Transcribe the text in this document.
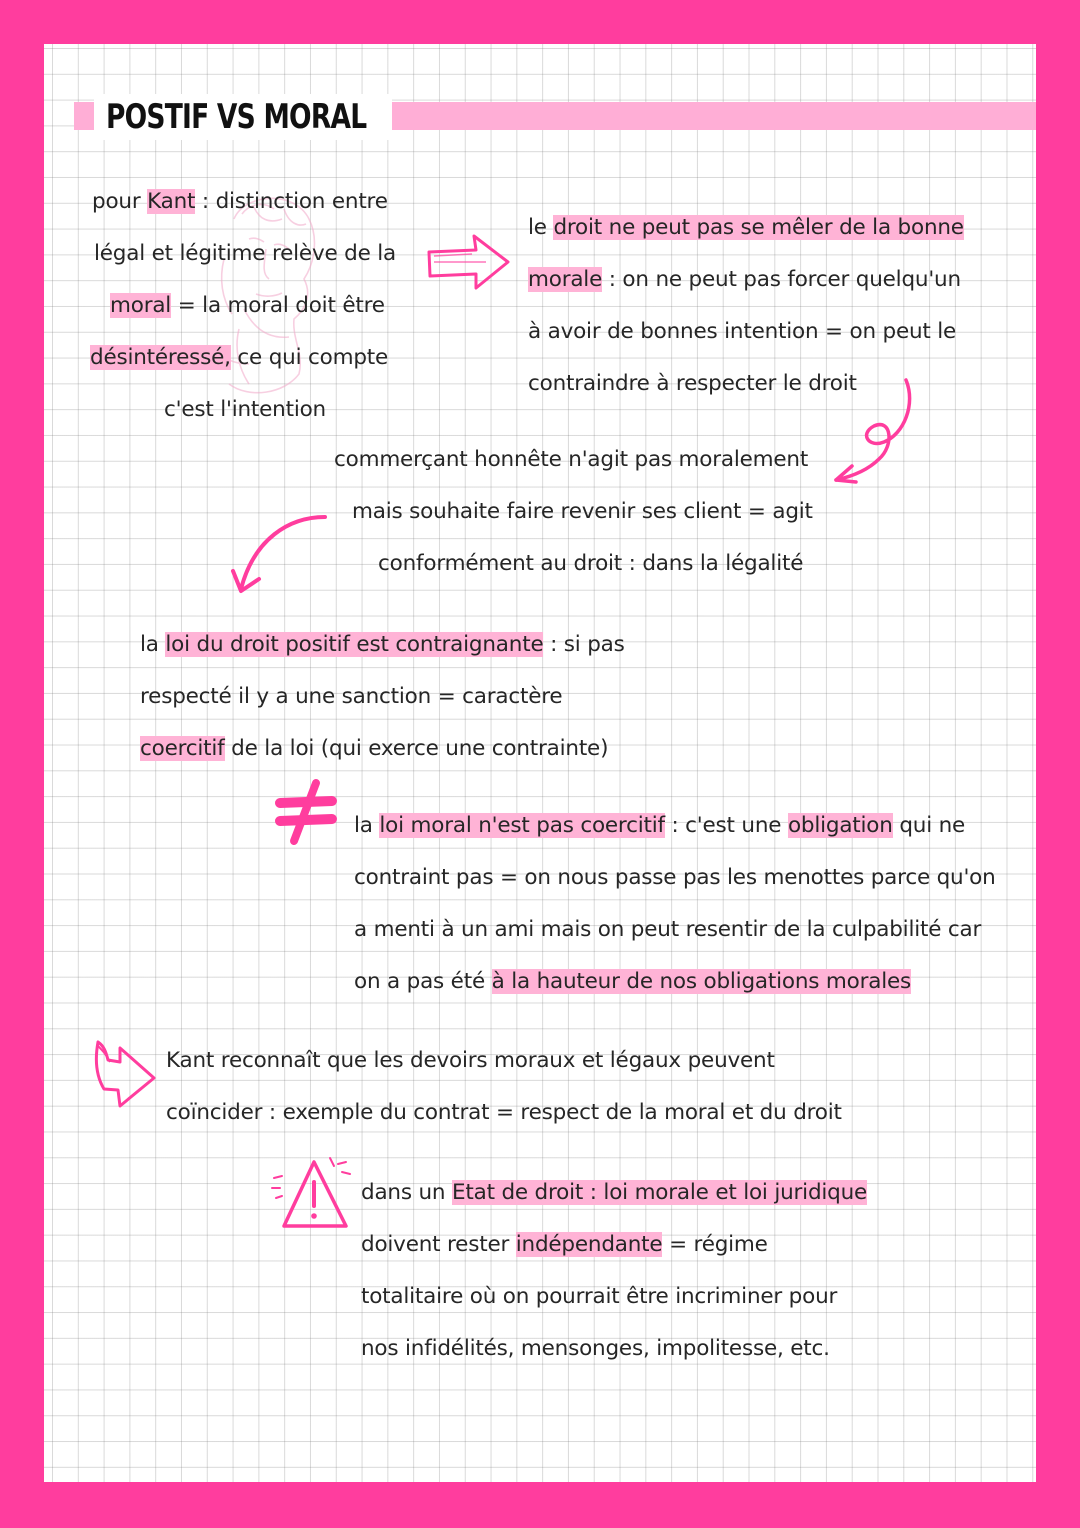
POSTIF VS MORAL
pour Kant : distinction entre
légal et légitime relève de la
moral = la moral doit être
désintéressé, ce qui compte
c'est l'intention
le droit ne peut pas se mêler de la bonne
morale : on ne peut pas forcer quelqu'un
à avoir de bonnes intention = on peut le
contraindre à respecter le droit
commerçant honnête n'agit pas moralement
mais souhaite faire revenir ses client = agit
conformément au droit : dans la légalité
la loi du droit positif est contraignante : si pas
respecté il y a une sanction = caractère
coercitif de la loi (qui exerce une contrainte)
la loi moral n'est pas coercitif : c'est une obligation qui ne
contraint pas = on nous passe pas les menottes parce qu'on
a menti à un ami mais on peut resentir de la culpabilité car
on a pas été à la hauteur de nos obligations morales
Kant reconnaît que les devoirs moraux et légaux peuvent
coïncider : exemple du contrat = respect de la moral et du droit
dans un Etat de droit : loi morale et loi juridique
doivent rester indépendante = régime
totalitaire où on pourrait être incriminer pour
nos infidélités, mensonges, impolitesse, etc.
